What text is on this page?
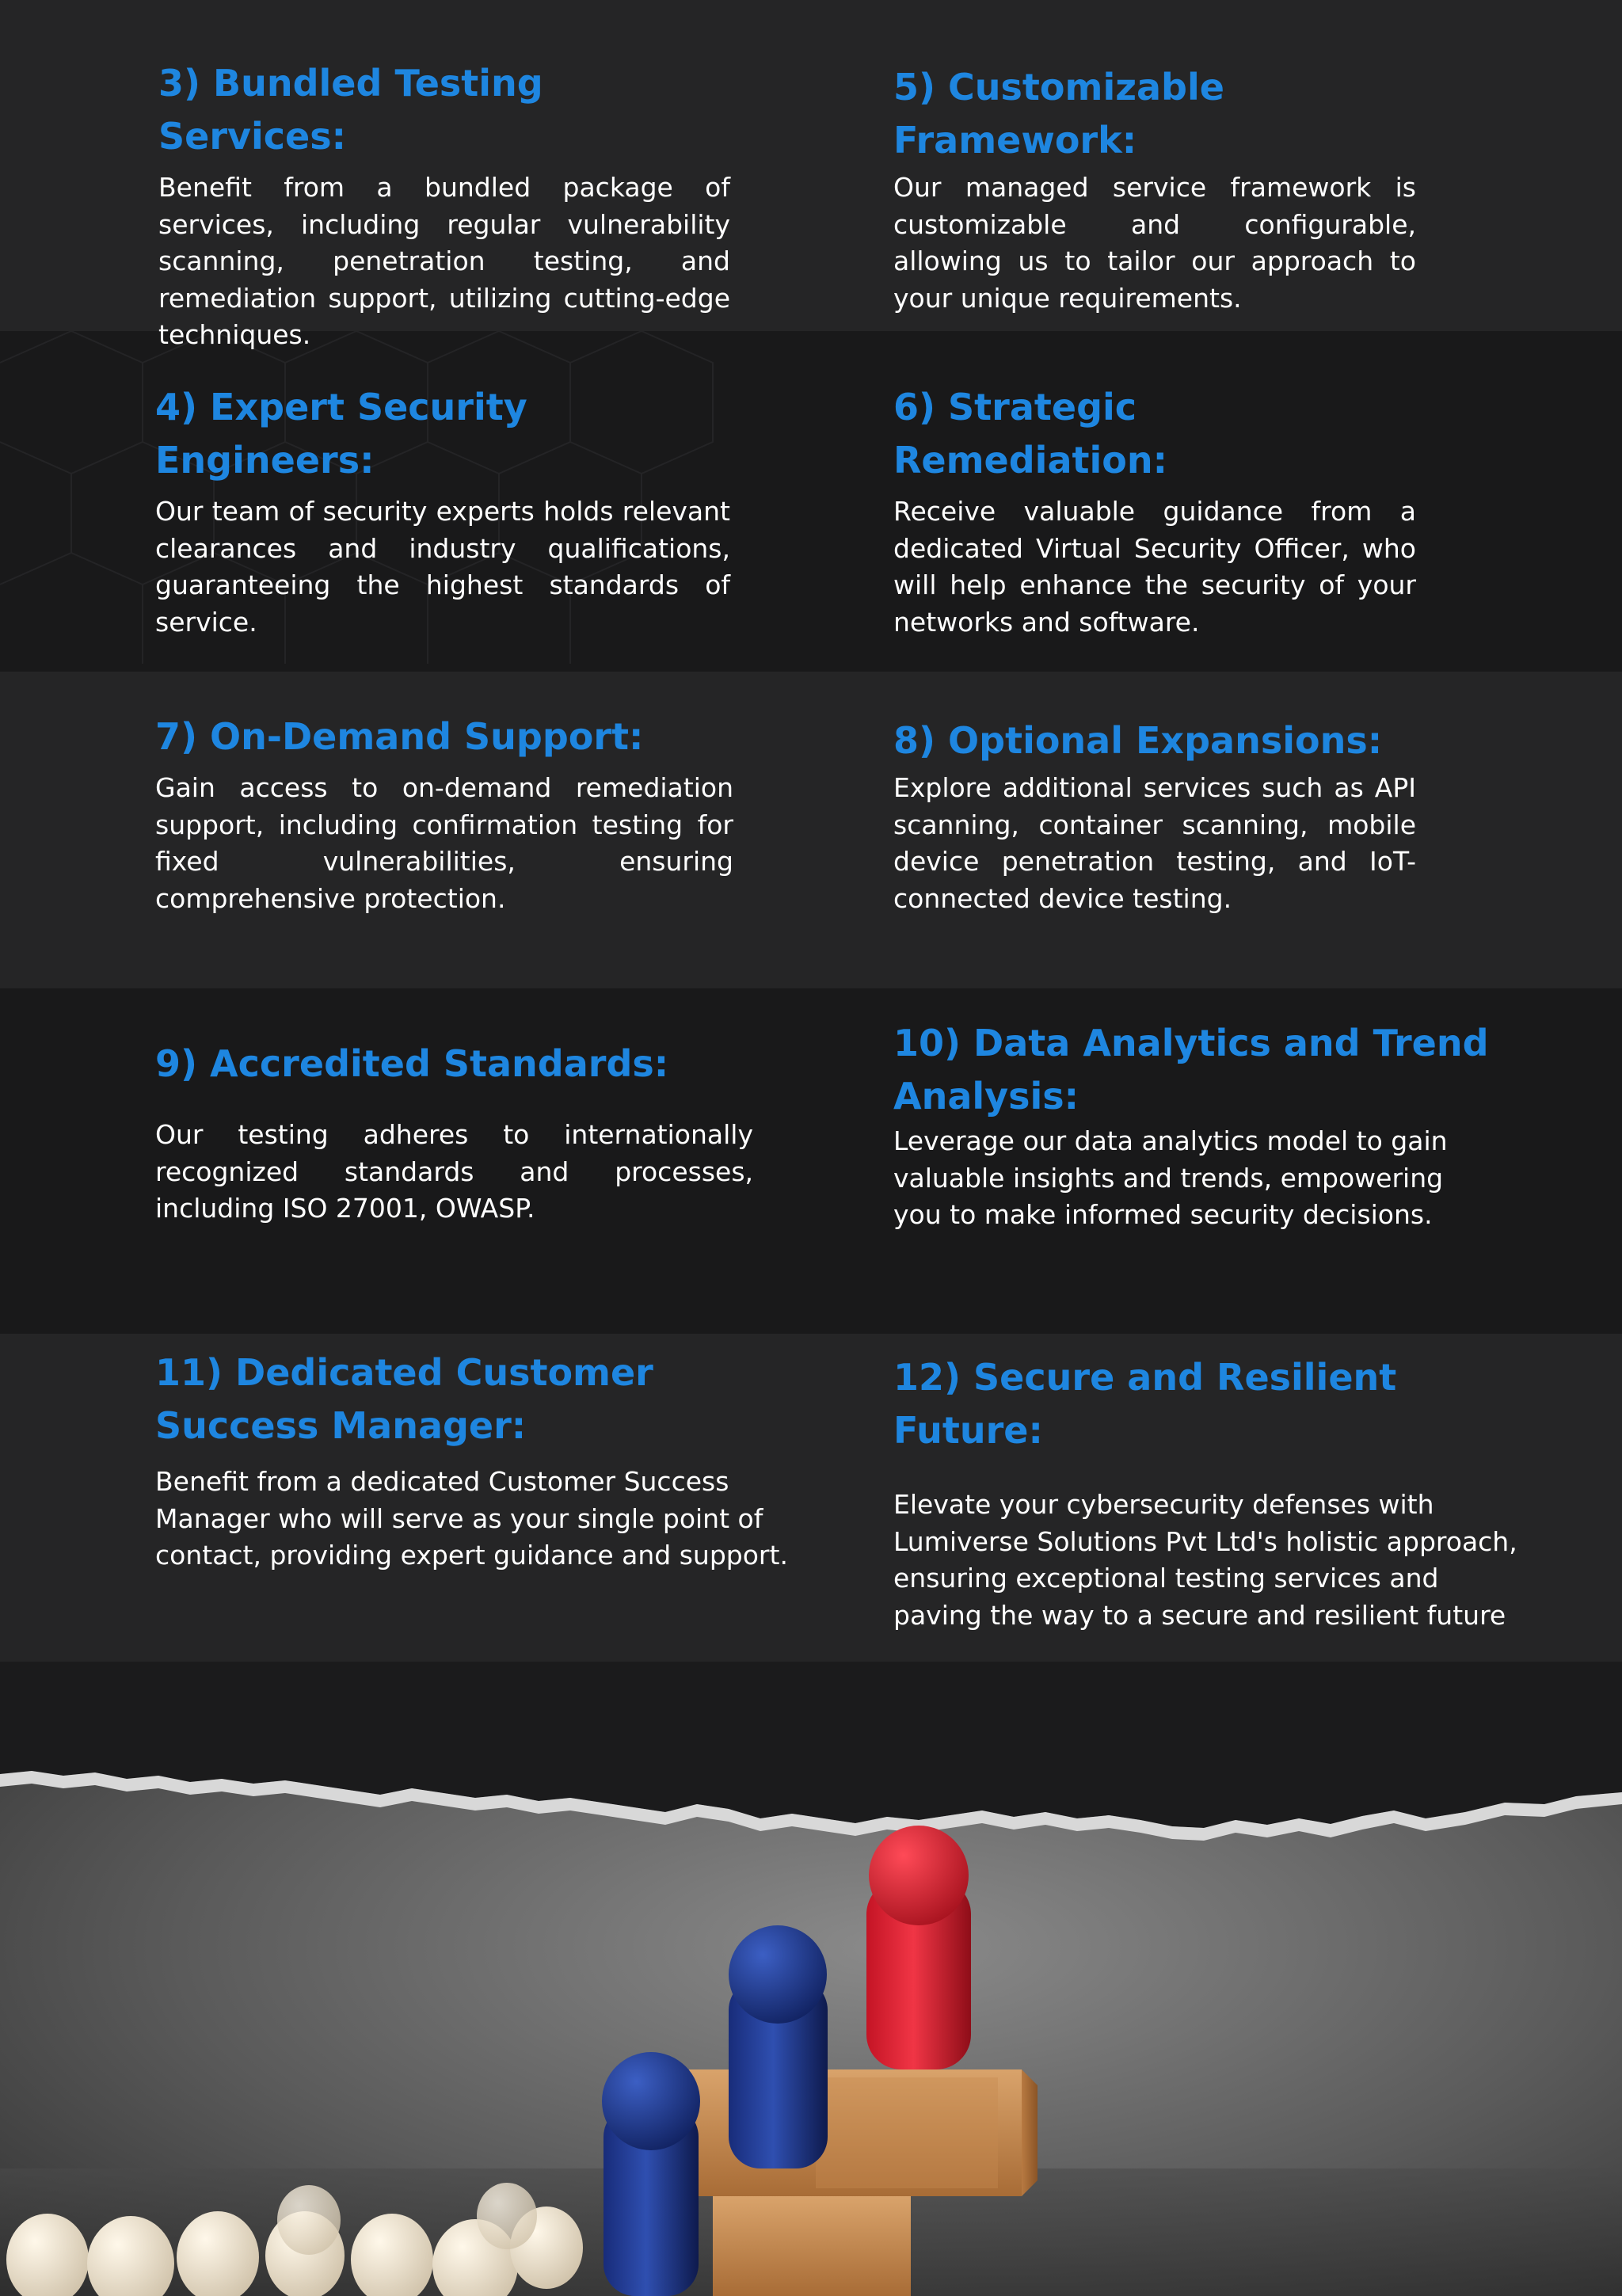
3) Bundled Testing Services:

Benefit from a bundled package of services, including regular vulnerability scanning, penetration testing, and remediation support, utilizing cutting-edge techniques.

5) Customizable Framework:

Our managed service framework is customizable and configurable, allowing us to tailor our approach to your unique requirements.

4) Expert Security Engineers:

Our team of security experts holds relevant clearances and industry qualifications, guaranteeing the highest standards of service.

6) Strategic Remediation:

Receive valuable guidance from a dedicated Virtual Security Officer, who will help enhance the security of your networks and software.

7) On-Demand Support:

Gain access to on-demand remediation support, including confirmation testing for fixed vulnerabilities, ensuring comprehensive protection.

8) Optional Expansions:

Explore additional services such as API scanning, container scanning, mobile device penetration testing, and IoT-connected device testing.

9) Accredited Standards:

Our testing adheres to internationally recognized standards and processes, including ISO 27001, OWASP.

10) Data Analytics and Trend Analysis:

Leverage our data analytics model to gain valuable insights and trends, empowering you to make informed security decisions.

11) Dedicated Customer Success Manager:

Benefit from a dedicated Customer Success Manager who will serve as your single point of contact, providing expert guidance and support.

12) Secure and Resilient Future:

Elevate your cybersecurity defenses with Lumiverse Solutions Pvt Ltd's holistic approach, ensuring exceptional testing services and paving the way to a secure and resilient future
